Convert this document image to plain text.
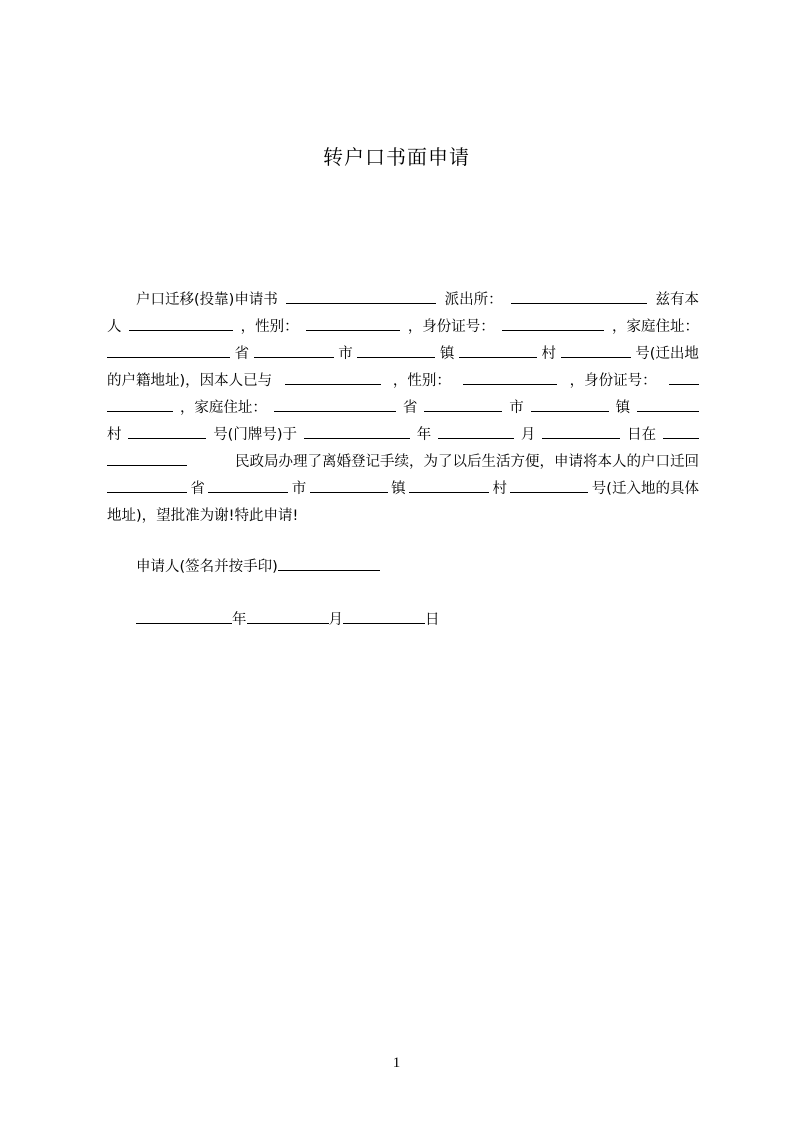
转户口书面申请
户口迁移(投靠)申请书	派出所：	兹有本
人	，性别：	，身份证号：	，家庭住址：
省	市	镇	村	号(迁出地
的户籍地址)，因本人已与	，性别：	，身份证号：
，家庭住址：	省	市	镇
村	号(门牌号)于	年	月	日在
民政局办理了离婚登记手续，为了以后生活方便，申请将本人的户口迁回
省	市	镇	村	号(迁入地的具体
地址)，望批准为谢!特此申请!
申请人(签名并按手印)
年	月	日
1
